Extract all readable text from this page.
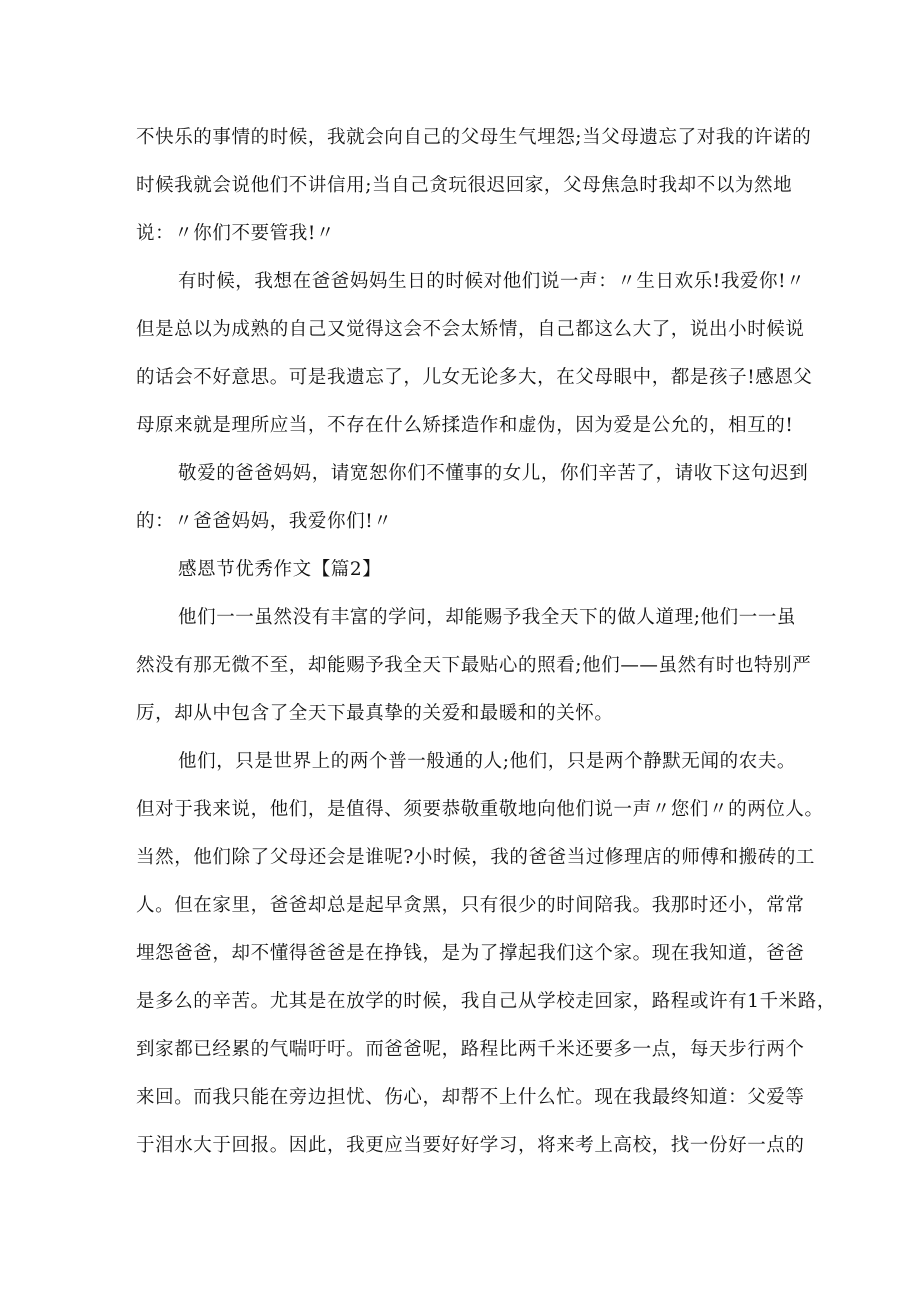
不快乐的事情的时候，我就会向自己的父母生气埋怨;当父母遗忘了对我的许诺的
时候我就会说他们不讲信用;当自己贪玩很迟回家，父母焦急时我却不以为然地
说：〃你们不要管我!〃
有时候，我想在爸爸妈妈生日的时候对他们说一声：〃生日欢乐!我爱你!〃
但是总以为成熟的自己又觉得这会不会太矫情，自己都这么大了，说出小时候说
的话会不好意思。可是我遗忘了，儿女无论多大，在父母眼中，都是孩子!感恩父
母原来就是理所应当，不存在什么矫揉造作和虚伪，因为爱是公允的，相互的!
敬爱的爸爸妈妈，请宽恕你们不懂事的女儿，你们辛苦了，请收下这句迟到
的：〃爸爸妈妈，我爱你们!〃
感恩节优秀作文【篇2】
他们一一虽然没有丰富的学问，却能赐予我全天下的做人道理;他们一一虽
然没有那无微不至，却能赐予我全天下最贴心的照看;他们——虽然有时也特别严
厉，却从中包含了全天下最真挚的关爱和最暖和的关怀。
他们，只是世界上的两个普一般通的人;他们，只是两个静默无闻的农夫。
但对于我来说，他们，是值得、须要恭敬重敬地向他们说一声〃您们〃的两位人。
当然，他们除了父母还会是谁呢?小时候，我的爸爸当过修理店的师傅和搬砖的工
人。但在家里，爸爸却总是起早贪黑，只有很少的时间陪我。我那时还小，常常
埋怨爸爸，却不懂得爸爸是在挣钱，是为了撑起我们这个家。现在我知道，爸爸
是多么的辛苦。尤其是在放学的时候，我自己从学校走回家，路程或许有1千米路，
到家都已经累的气喘吁吁。而爸爸呢，路程比两千米还要多一点，每天步行两个
来回。而我只能在旁边担忧、伤心，却帮不上什么忙。现在我最终知道：父爱等
于泪水大于回报。因此，我更应当要好好学习，将来考上高校，找一份好一点的
